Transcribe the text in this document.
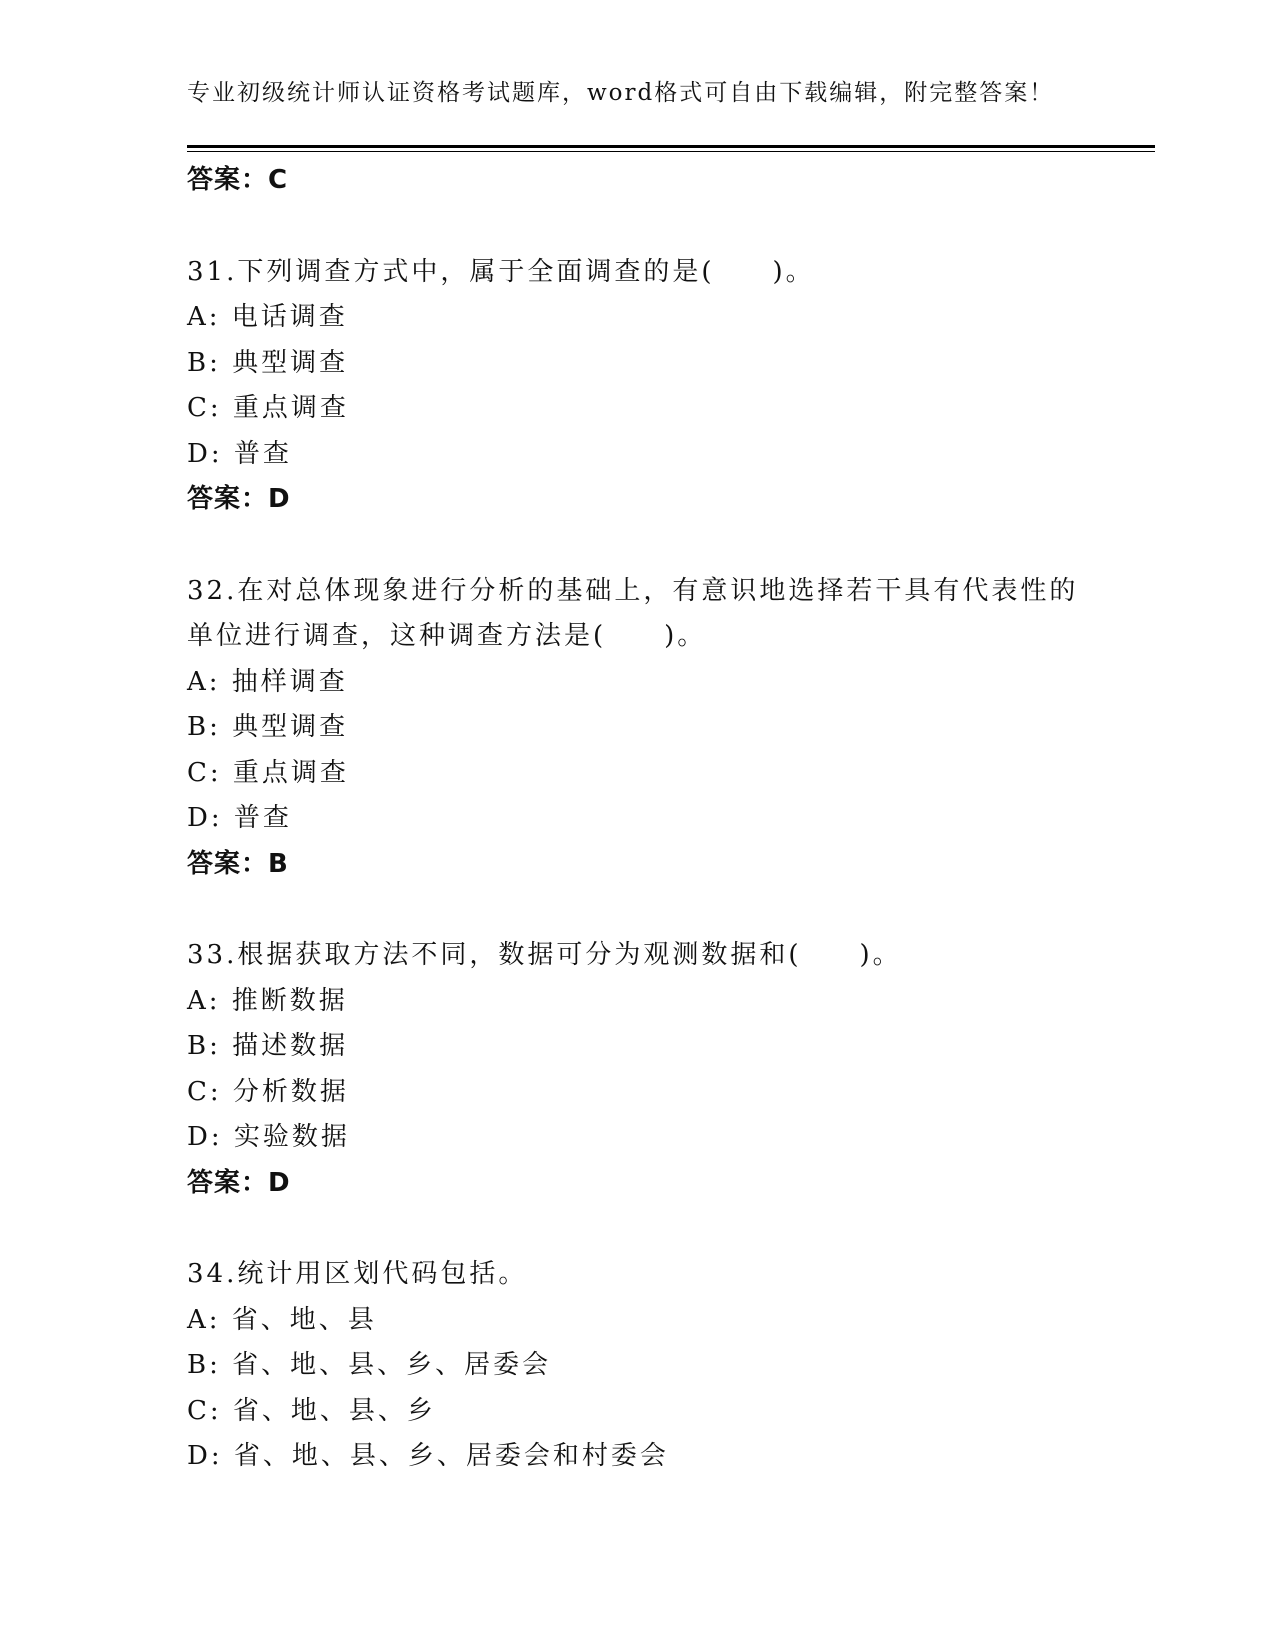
专业初级统计师认证资格考试题库，word格式可自由下载编辑，附完整答案！
答案：C
31.下列调查方式中，属于全面调查的是(　　)。
A: 电话调查
B: 典型调查
C: 重点调查
D: 普查
答案：D
32.在对总体现象进行分析的基础上，有意识地选择若干具有代表性的
单位进行调查，这种调查方法是(　　)。
A: 抽样调查
B: 典型调查
C: 重点调查
D: 普查
答案：B
33.根据获取方法不同，数据可分为观测数据和(　　)。
A: 推断数据
B: 描述数据
C: 分析数据
D: 实验数据
答案：D
34.统计用区划代码包括。
A: 省、地、县
B: 省、地、县、乡、居委会
C: 省、地、县、乡
D: 省、地、县、乡、居委会和村委会
